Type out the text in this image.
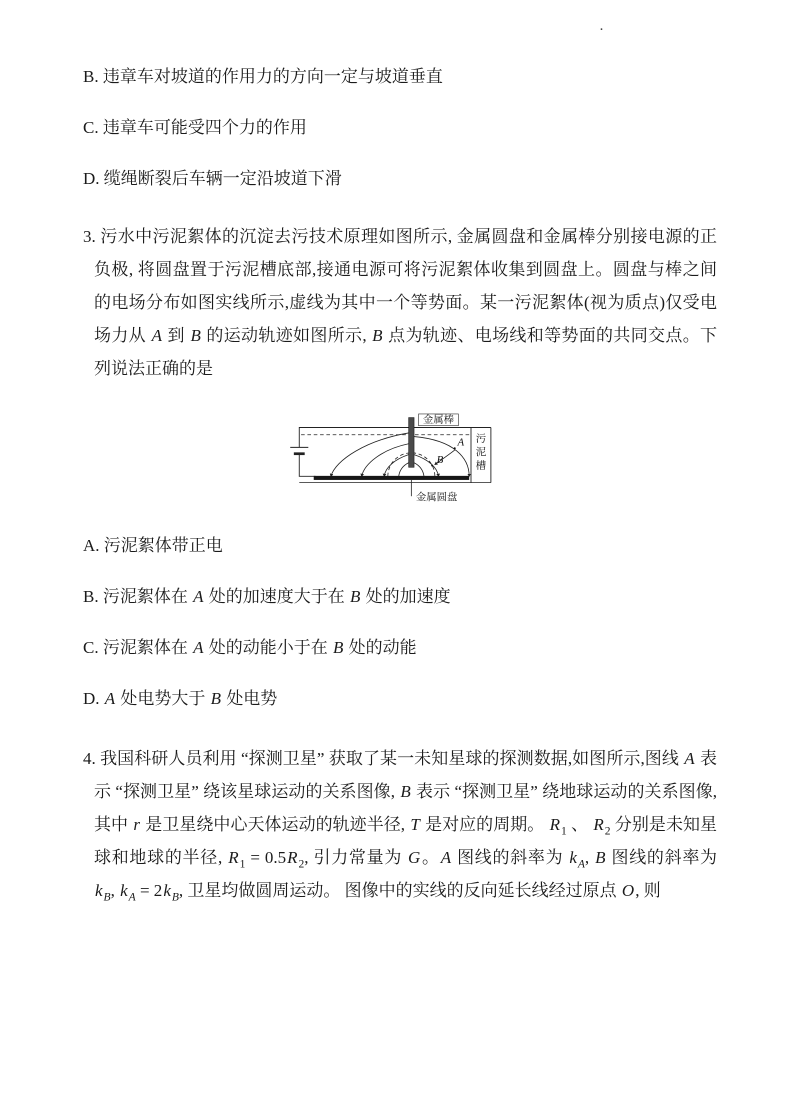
·

B. 违章车对坡道的作用力的方向一定与坡道垂直

C. 违章车可能受四个力的作用

D. 缆绳断裂后车辆一定沿坡道下滑

3. 污水中污泥絮体的沉淀去污技术原理如图所示, 金属圆盘和金属棒分别接电源的正负极, 将圆盘置于污泥槽底部,接通电源可将污泥絮体收集到圆盘上。圆盘与棒之间的电场分布如图实线所示,虚线为其中一个等势面。某一污泥絮体(视为质点)仅受电场力从 A 到 B 的运动轨迹如图所示, B 点为轨迹、电场线和等势面的共同交点。下列说法正确的是

金属棒
污
泥
槽
金属圆盘
A
B

A. 污泥絮体带正电

B. 污泥絮体在 A 处的加速度大于在 B 处的加速度

C. 污泥絮体在 A 处的动能小于在 B 处的动能

D. A 处电势大于 B 处电势

4. 我国科研人员利用 “探测卫星” 获取了某一未知星球的探测数据,如图所示,图线 A 表示 “探测卫星” 绕该星球运动的关系图像, B 表示 “探测卫星” 绕地球运动的关系图像,其中 r 是卫星绕中心天体运动的轨迹半径, T 是对应的周期。 $R_1$ 、 $R_2$ 分别是未知星球和地球的半径, $R_1 = 0.5R_2$, 引力常量为 G。A 图线的斜率为 $k_A$, B 图线的斜率为 $k_B$, $k_A = 2k_B$, 卫星均做圆周运动。 图像中的实线的反向延长线经过原点 O, 则
